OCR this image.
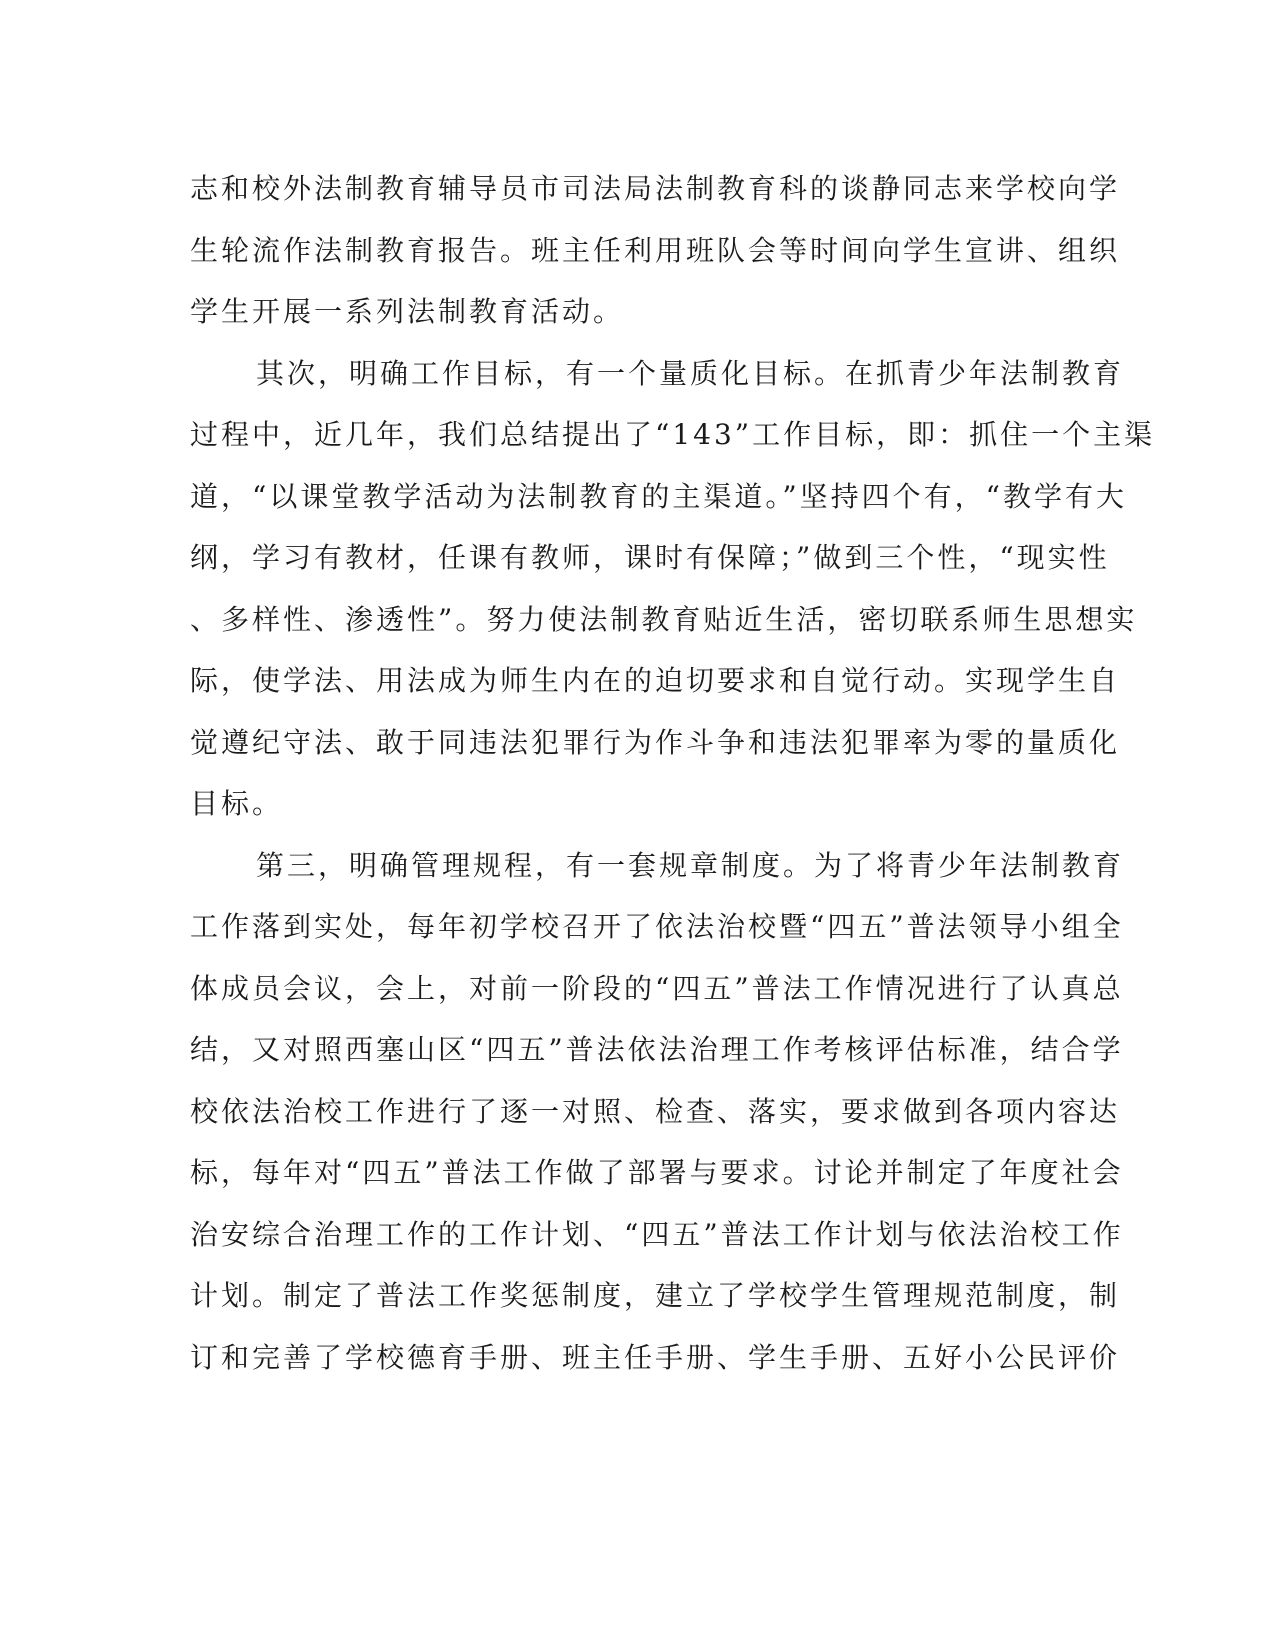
志和校外法制教育辅导员市司法局法制教育科的谈静同志来学校向学
生轮流作法制教育报告。班主任利用班队会等时间向学生宣讲、组织
学生开展一系列法制教育活动。
其次，明确工作目标，有一个量质化目标。在抓青少年法制教育
过程中，近几年，我们总结提出了“143”工作目标，即：抓住一个主渠
道，“以课堂教学活动为法制教育的主渠道。”坚持四个有，“教学有大
纲，学习有教材，任课有教师，课时有保障；”做到三个性，“现实性
、多样性、渗透性”。努力使法制教育贴近生活，密切联系师生思想实
际，使学法、用法成为师生内在的迫切要求和自觉行动。实现学生自
觉遵纪守法、敢于同违法犯罪行为作斗争和违法犯罪率为零的量质化
目标。
第三，明确管理规程，有一套规章制度。为了将青少年法制教育
工作落到实处，每年初学校召开了依法治校暨“四五”普法领导小组全
体成员会议，会上，对前一阶段的“四五”普法工作情况进行了认真总
结，又对照西塞山区“四五”普法依法治理工作考核评估标准，结合学
校依法治校工作进行了逐一对照、检查、落实，要求做到各项内容达
标，每年对“四五”普法工作做了部署与要求。讨论并制定了年度社会
治安综合治理工作的工作计划、“四五”普法工作计划与依法治校工作
计划。制定了普法工作奖惩制度，建立了学校学生管理规范制度，制
订和完善了学校德育手册、班主任手册、学生手册、五好小公民评价
